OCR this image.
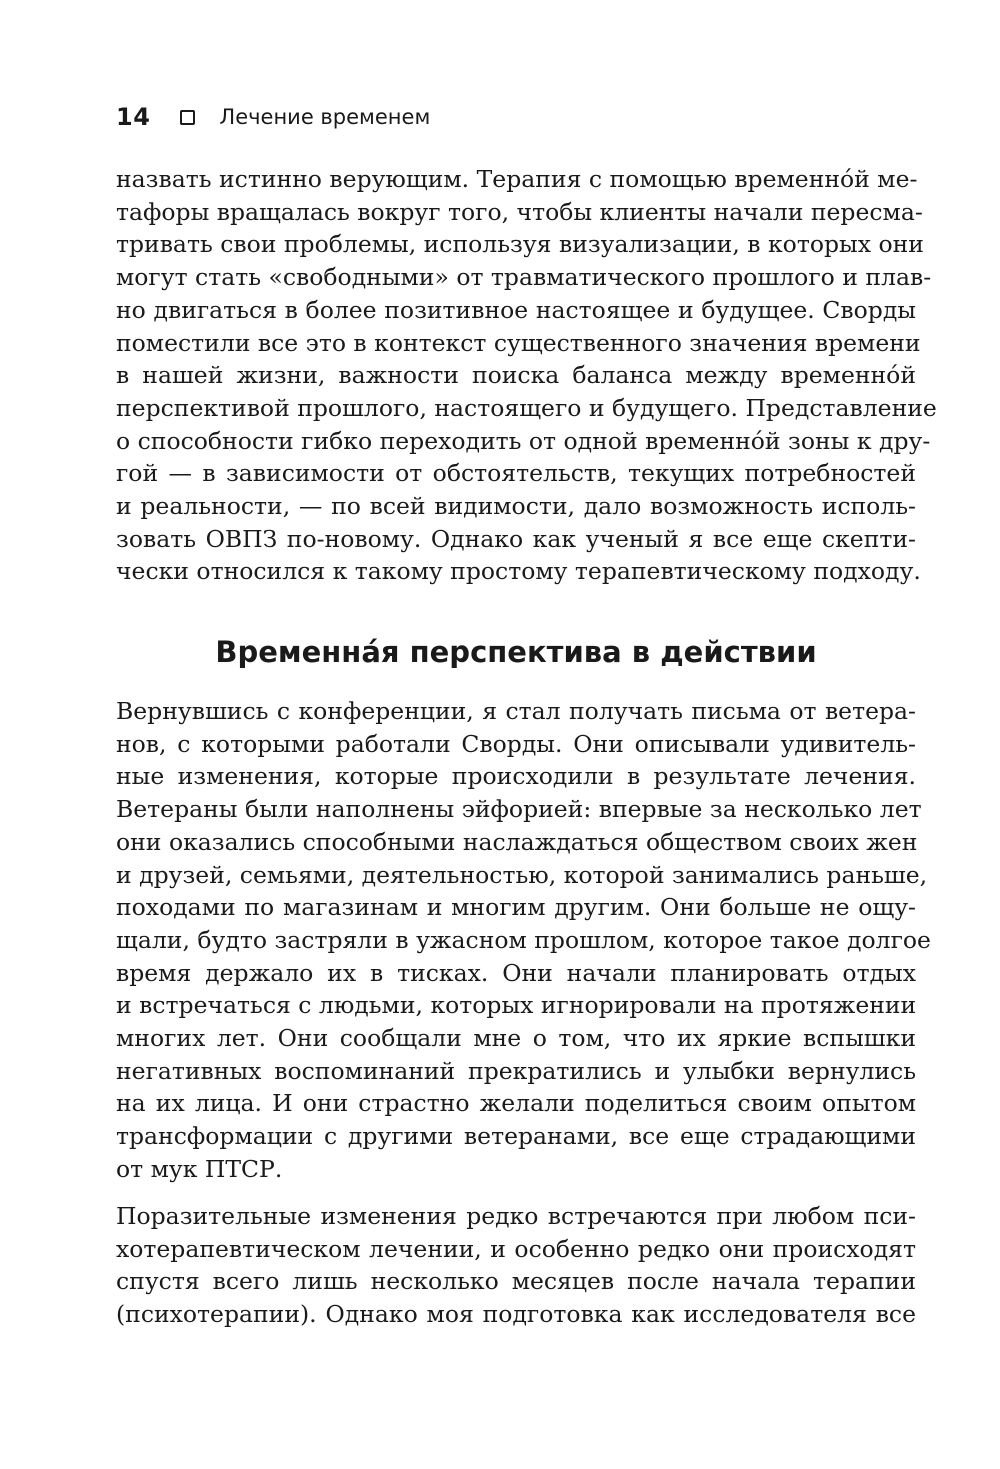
14	Лечение временем
назвать истинно верующим. Терапия с помощью временнóй ме-
тафоры вращалась вокруг того, чтобы клиенты начали пересма-
тривать свои проблемы, используя визуализации, в которых они
могут стать «свободными» от травматического прошлого и плав-
но двигаться в более позитивное настоящее и будущее. Сворды
поместили все это в контекст существенного значения времени
в нашей жизни, важности поиска баланса между временнóй
перспективой прошлого, настоящего и будущего. Представление
о способности гибко переходить от одной временнóй зоны к дру-
гой — в зависимости от обстоятельств, текущих потребностей
и реальности, — по всей видимости, дало возможность исполь-
зовать ОВПЗ по-новому. Однако как ученый я все еще скепти-
чески относился к такому простому терапевтическому подходу.
Временнáя перспектива в действии
Вернувшись с конференции, я стал получать письма от ветера-
нов, с которыми работали Сворды. Они описывали удивитель-
ные изменения, которые происходили в результате лечения.
Ветераны были наполнены эйфорией: впервые за несколько лет
они оказались способными наслаждаться обществом своих жен
и друзей, семьями, деятельностью, которой занимались раньше,
походами по магазинам и многим другим. Они больше не ощу-
щали, будто застряли в ужасном прошлом, которое такое долгое
время держало их в тисках. Они начали планировать отдых
и встречаться с людьми, которых игнорировали на протяжении
многих лет. Они сообщали мне о том, что их яркие вспышки
негативных воспоминаний прекратились и улыбки вернулись
на их лица. И они страстно желали поделиться своим опытом
трансформации с другими ветеранами, все еще страдающими
от мук ПТСР.
Поразительные изменения редко встречаются при любом пси-
хотерапевтическом лечении, и особенно редко они происходят
спустя всего лишь несколько месяцев после начала терапии
(психотерапии). Однако моя подготовка как исследователя все
